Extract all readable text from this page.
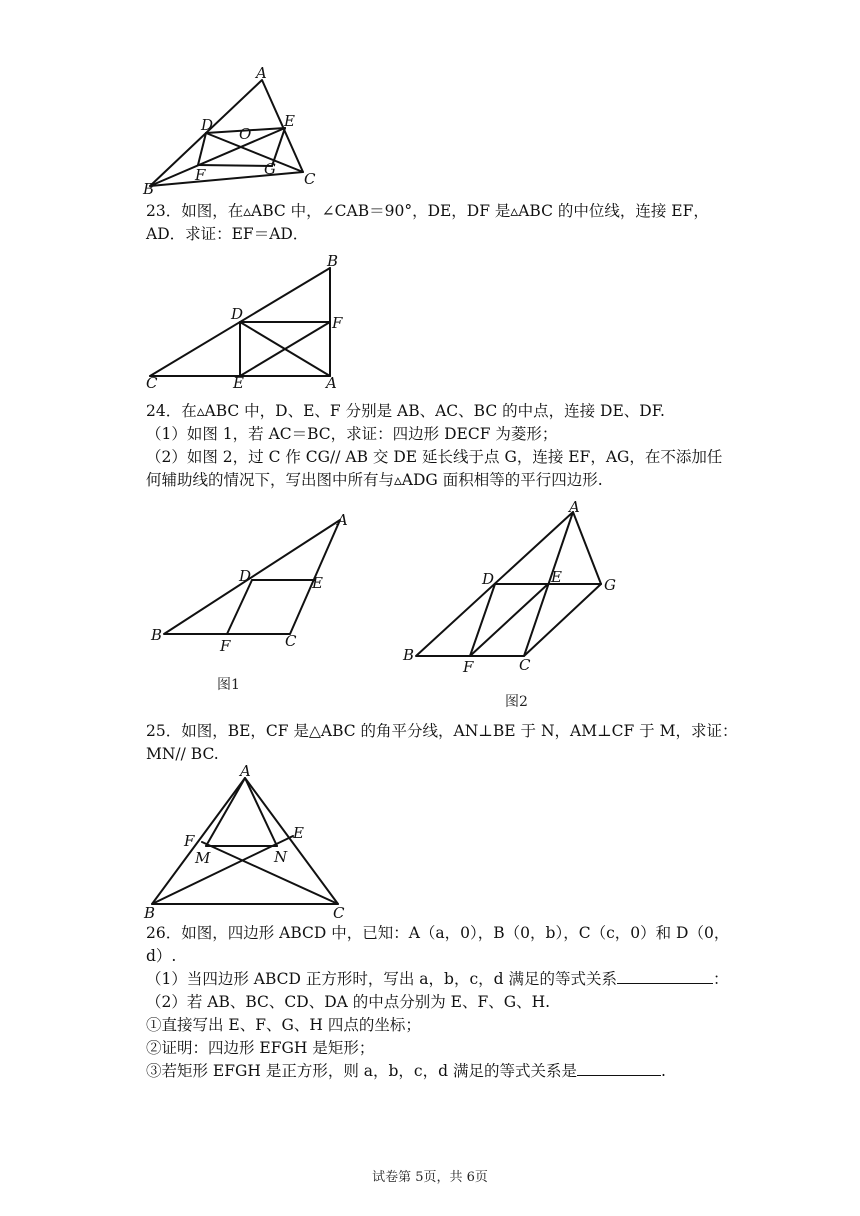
A
D	E
O
F	G
B
C
23．如图，在▵ABC 中，∠CAB＝90°，DE，DF 是▵ABC 的中位线，连接 EF，
AD．求证：EF＝AD．
B
D	F
C	E	A
24．在▵ABC 中，D、E、F 分别是 AB、AC、BC 的中点，连接 DE、DF.
（1）如图 1，若 AC＝BC，求证：四边形 DECF 为菱形；
（2）如图 2，过 C 作 CG// AB 交 DE 延长线于点 G，连接 EF，AG，在不添加任
何辅助线的情况下，写出图中所有与▵ADG 面积相等的平行四边形.
A
D	E
B
F	C
图1
A
D	E	G
B
F	C
图2
25．如图，BE，CF 是△ABC 的角平分线，AN⊥BE 于 N，AM⊥CF 于 M，求证：
MN// BC.
A
F	E
M	N
B	C
26．如图，四边形 ABCD 中，已知：A（a，0），B（0，b），C（c，0）和 D（0，
d）.
（1）当四边形 ABCD 正方形时，写出 a，b，c，d 满足的等式关系	：
（2）若 AB、BC、CD、DA 的中点分别为 E、F、G、H.
①直接写出 E、F、G、H 四点的坐标；
②证明：四边形 EFGH 是矩形；
③若矩形 EFGH 是正方形，则 a，b，c，d 满足的等式关系是	.
试卷第 5页，共 6页
